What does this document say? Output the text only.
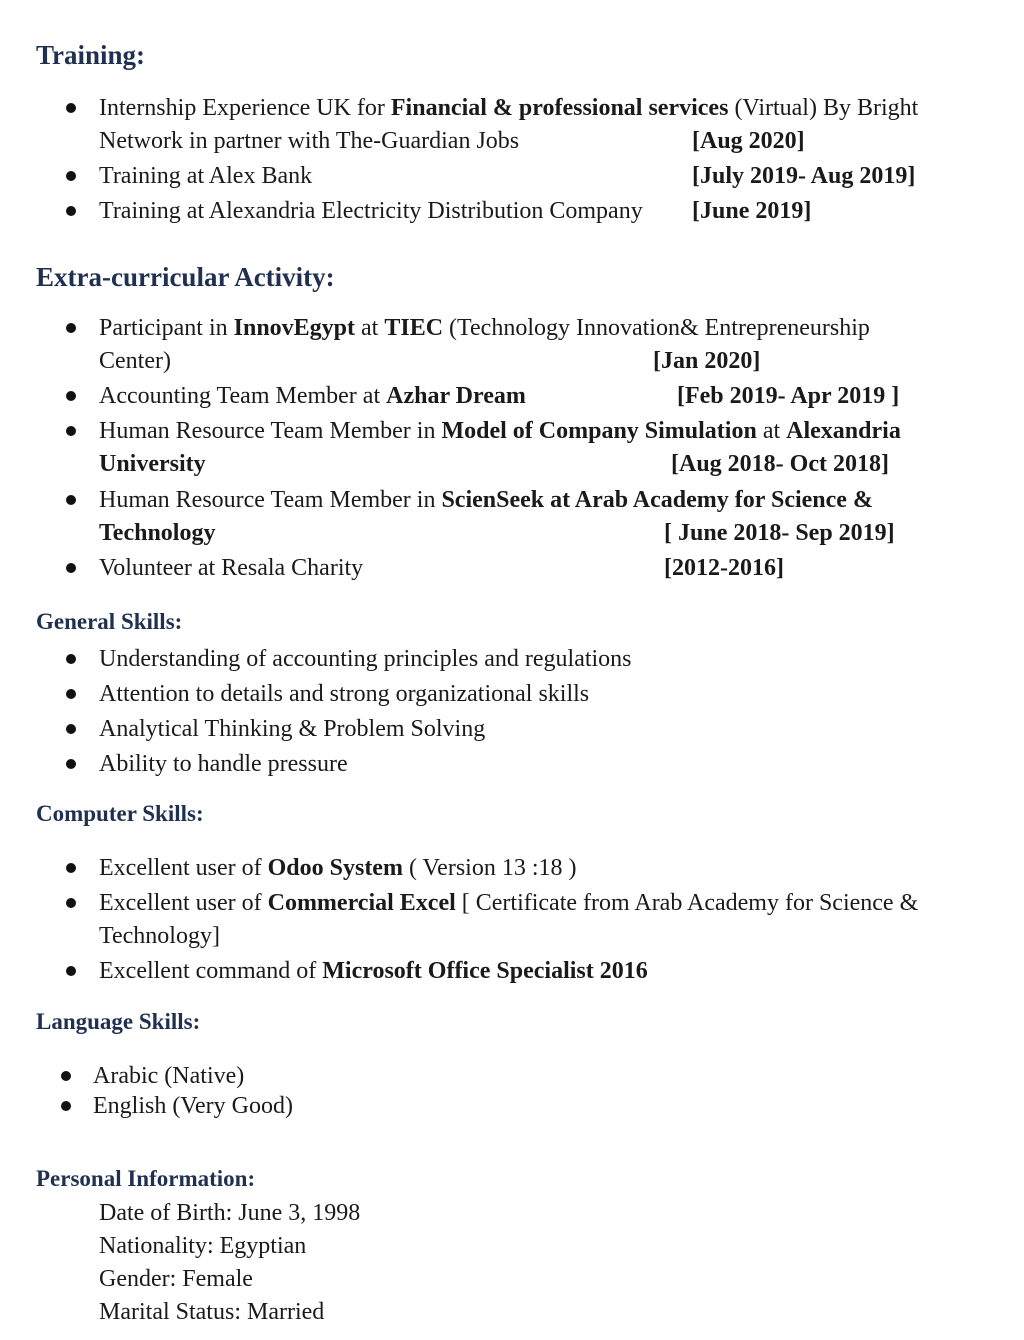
Training:

Internship Experience UK for Financial & professional services (Virtual) By Bright

Network in partner with The-Guardian Jobs	[Aug 2020]

Training at Alex Bank	[July 2019- Aug 2019]

Training at Alexandria Electricity Distribution Company [June 2019]

Extra-curricular Activity:

Participant in InnovEgypt at TIEC (Technology Innovation& Entrepreneurship

Center)	[Jan 2020]

Accounting Team Member at Azhar Dream	[Feb 2019- Apr 2019 ]

Human Resource Team Member in Model of Company Simulation at Alexandria

University	[Aug 2018- Oct 2018]

Human Resource Team Member in ScienSeek at Arab Academy for Science &

Technology	[ June 2018- Sep 2019]

Volunteer at Resala Charity	[2012-2016]

General Skills:

Understanding of accounting principles and regulations

Attention to details and strong organizational skills

Analytical Thinking & Problem Solving

Ability to handle pressure

Computer Skills:

Excellent user of Odoo System ( Version 13 :18 )

Excellent user of Commercial Excel [ Certificate from Arab Academy for Science &

Technology]

Excellent command of Microsoft Office Specialist 2016

Language Skills:

Arabic (Native)

English (Very Good)

Personal Information:

Date of Birth: June 3, 1998

Nationality: Egyptian

Gender: Female

Marital Status: Married
